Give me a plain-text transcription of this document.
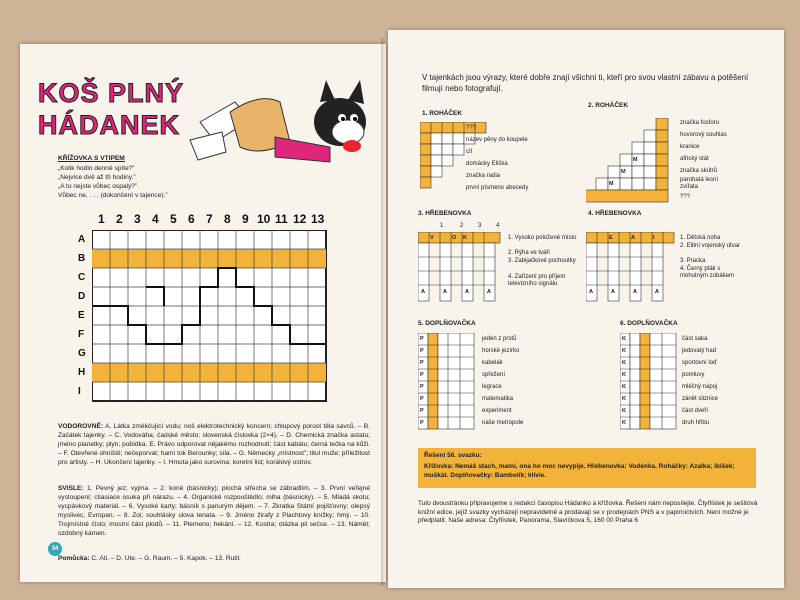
KOŠ PLNÝ
HÁDANEK
KŘÍŽOVKA S VTIPEM
„Kolik hodin denně spíte?”
„Nejvíce dvě až tři hodiny.”
„A to nejste vůbec ospalý?”
Vůbec ne, . . . (dokončení v tajence).”
1 2 3 4 5 6 7 8 9 10 11 12 13
A
B
C
D
E
F
G
H
I
VODOROVNĚ: A. Látka změkčující vodu; noš elektrotechnický koncern; chlupový porost těla savců. – B. Začátek tajenky. – C. Vodováha; čadské město; slovenská číslovka (2×4). – D. Chemická značka astatu; jméno planetky; plyn; pobídka. E. Právo odporovat nějakému rozhodnutí; část kabátu; černá tečka na kůži. – F. Otevřené ohniště; nečeporvat; hamí tok Berounky; síla. – G. Německy „místnost”; titul muže; příležitost pro artisty. – H. Ukončení tajenky. – I. Hmota jako surovina; koretní list; korálový ostrov.
SVISLE: 1. Pevný jez; vyjma. – 2. koně (básnicky); plochá střecha se zábradlím. – 3. První veřejné vystoupení; ctiasiace osuka při nárazu. – 4. Organické rozpouštědlo; mlha (básnicky). – 5. Mladá skotu; vycpávkový materiál. – 6. Vysoké karty; básník s panurým dějem. – 7. Zkratka Státní pojišťovny; olepsý myslivec; Evropan. – 8. Zoi; souhlásky slova tenata. – 9. Jméno žirafy z Plachtovy knížky; hmý. – 10. Trojmístné číslo; mostní část plodů. – 11. Plemeno; hekání. – 12. Kostra; otázka pil sečce. – 13. Námět; ozdobný kámen.
Pomůcka: C. Ati. – D. Ute. – G. Raum. – 5. Kapok. – 13. Rutil.
34
V tajenkách jsou výrazy, které dobře znají všichni ti, kteří pro svou vlastní zábavu a potěšení filmují nebo fotografují.
1. ROHÁČEK
???
název pěny do koupele
cíl
domácky Eliška
značka radia
první písmeno abecedy
2. ROHÁČEK
M
M
M
značka fosforu
hovorový souhlas
kranice
africký stát
značka skútrů
parohatá lesní zvířata
???
3. HŘEBENOVKA
1	2 3 4
V	O K
A	A	A	A
1. Vysoko položené místo
2. Rýha ve tváři
3. Zabijačkové pochoutky
4. Zařízení pro příjem televizního signálu
4. HŘEBENOVKA
E	A	I
A	A	A	A
1. Dětská noha
2. Elitní vojenský útvar
3. Pracka
4. Černý pták s mohutným zobákem
5. DOPLŇOVAČKA
P
P
P
P
P
P
P
P
jeden z prstů
horské jezírko
kabelák
spřežení
legrace
matematika
experiment
naše metropole
6. DOPLŇOVAČKA
K
K
K
K
K
K
K
K
část saka
jedovatý had
sportovní loď
pomluvy
mléčný nápoj
zánět sliznice
část dveří
druh hřibu
Řešení 56. svazku:
Křížovka: Nemáš stach, mami, ona ho moc nevypije. Hřebenovka: Vodénka. Roháčky: Azalka; ibíšek; muškát. Doplňovačky: Bambolík; klivie.
Tuto dvoustránku připravujeme s redakcí časopisu Hádanko a křížovka. Řešení nám neposílejte. Čtyřlístek je sešitová knižní edice, jejíž svazky vycházejí nepravidelně a prodávají se v prodejnách PNS a v papírnictvích. Není možné je předplatit. Naše adresa: Čtyřlístek, Panorama, Slavíčkova 5, 160 00 Praha 6
